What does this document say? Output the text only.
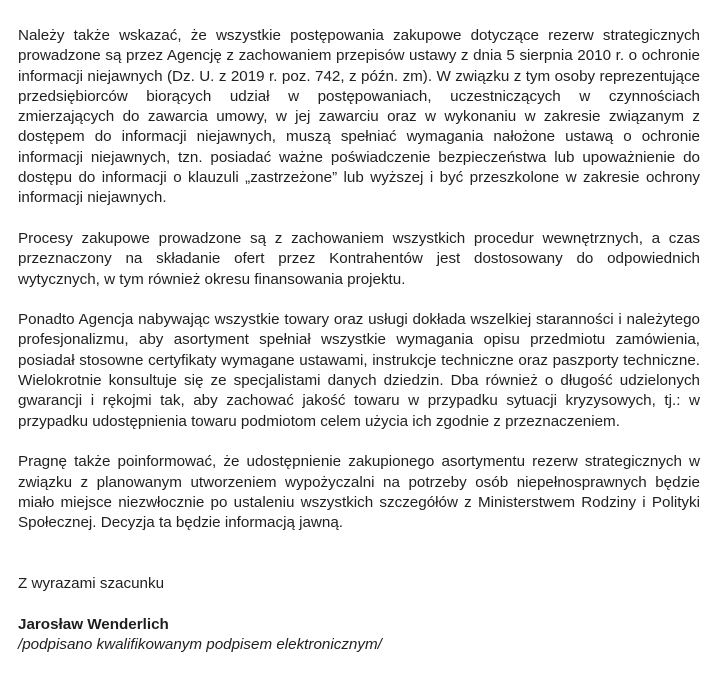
Należy także wskazać, że wszystkie postępowania zakupowe dotyczące rezerw strategicznych prowadzone są przez Agencję z zachowaniem przepisów ustawy z dnia 5 sierpnia 2010 r. o ochronie informacji niejawnych (Dz. U. z 2019 r. poz. 742, z późn. zm). W związku z tym osoby reprezentujące przedsiębiorców biorących udział w postępowaniach, uczestniczących w czynnościach zmierzających do zawarcia umowy, w jej zawarciu oraz w wykonaniu w zakresie związanym z dostępem do informacji niejawnych, muszą spełniać wymagania nałożone ustawą o ochronie informacji niejawnych, tzn. posiadać ważne poświadczenie bezpieczeństwa lub upoważnienie do dostępu do informacji o klauzuli „zastrzeżone” lub wyższej i być przeszkolone w zakresie ochrony informacji niejawnych.

Procesy zakupowe prowadzone są z zachowaniem wszystkich procedur wewnętrznych, a czas przeznaczony na składanie ofert przez Kontrahentów jest dostosowany do odpowiednich wytycznych, w tym również okresu finansowania projektu.

Ponadto Agencja nabywając wszystkie towary oraz usługi dokłada wszelkiej staranności i należytego profesjonalizmu, aby asortyment spełniał wszystkie wymagania opisu przedmiotu zamówienia, posiadał stosowne certyfikaty wymagane ustawami, instrukcje techniczne oraz paszporty techniczne. Wielokrotnie konsultuje się ze specjalistami danych dziedzin. Dba również o długość udzielonych gwarancji i rękojmi tak, aby zachować jakość towaru w przypadku sytuacji kryzysowych, tj.: w przypadku udostępnienia towaru podmiotom celem użycia ich zgodnie z przeznaczeniem.

Pragnę także poinformować, że udostępnienie zakupionego asortymentu rezerw strategicznych w związku z planowanym utworzeniem wypożyczalni na potrzeby osób niepełnosprawnych będzie miało miejsce niezwłocznie po ustaleniu wszystkich szczegółów z Ministerstwem Rodziny i Polityki Społecznej. Decyzja ta będzie informacją jawną.

Z wyrazami szacunku

Jarosław Wenderlich

/podpisano kwalifikowanym podpisem elektronicznym/
